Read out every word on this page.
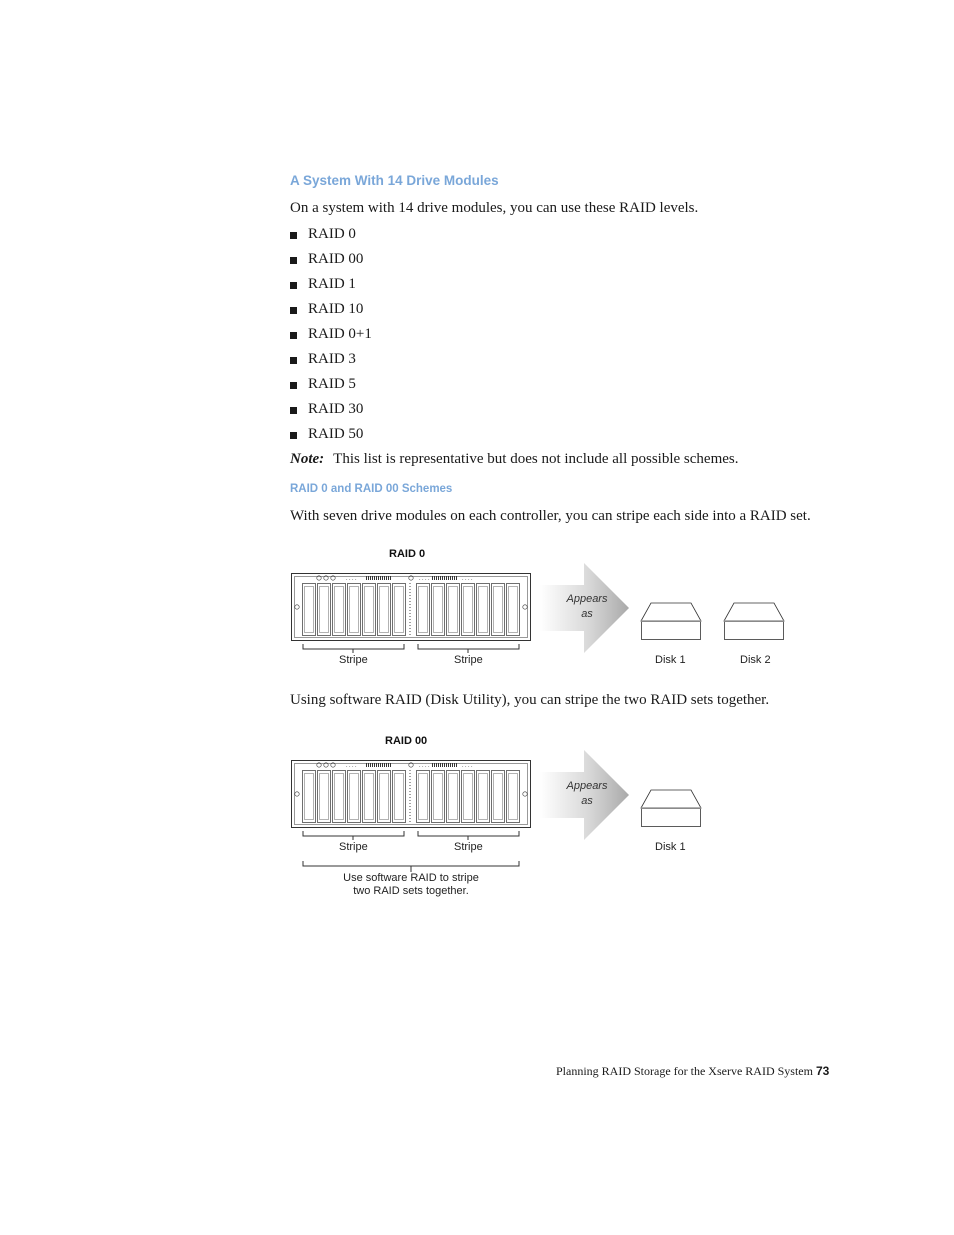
A System With 14 Drive Modules
On a system with 14 drive modules, you can use these RAID levels.
RAID 0
RAID 00
RAID 1
RAID 10
RAID 0+1
RAID 3
RAID 5
RAID 30
RAID 50
Note: This list is representative but does not include all possible schemes.
RAID 0 and RAID 00 Schemes
With seven drive modules on each controller, you can stripe each side into a RAID set.
RAID 0
. . . .	. . . .	. . . .
Stripe	Stripe
Appears
as
Disk 1	Disk 2
Using software RAID (Disk Utility), you can stripe the two RAID sets together.
RAID 00
. . . .	. . . .	. . . .
Stripe	Stripe
Use software RAID to stripe
two RAID sets together.
Appears
as
Disk 1
Planning RAID Storage for the Xserve RAID System 73
